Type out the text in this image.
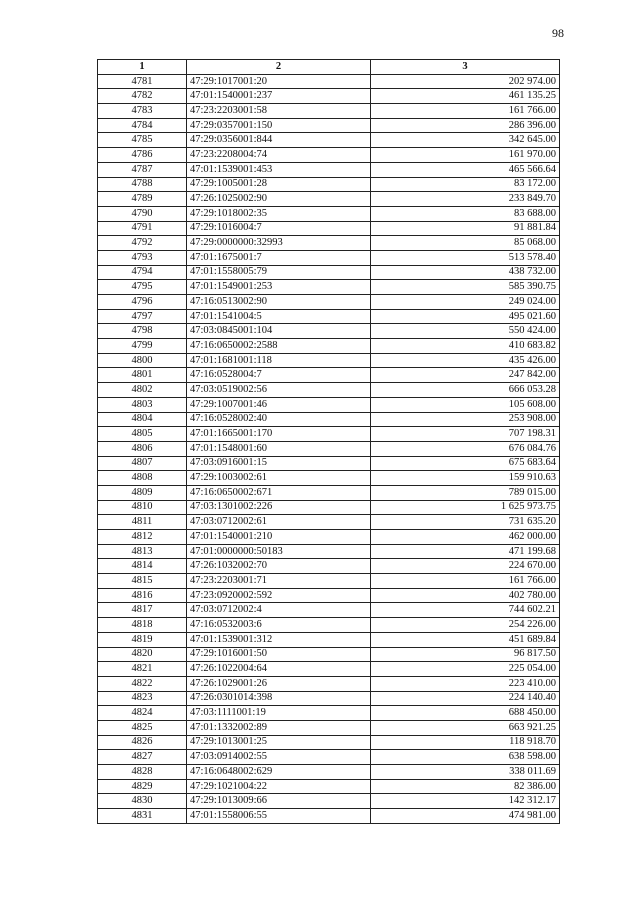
98
1	2	3
4781	47:29:1017001:20	202 974.00
4782	47:01:1540001:237	461 135.25
4783	47:23:2203001:58	161 766.00
4784	47:29:0357001:150	286 396.00
4785	47:29:0356001:844	342 645.00
4786	47:23:2208004:74	161 970.00
4787	47:01:1539001:453	465 566.64
4788	47:29:1005001:28	83 172.00
4789	47:26:1025002:90	233 849.70
4790	47:29:1018002:35	83 688.00
4791	47:29:1016004:7	91 881.84
4792	47:29:0000000:32993	85 068.00
4793	47:01:1675001:7	513 578.40
4794	47:01:1558005:79	438 732.00
4795	47:01:1549001:253	585 390.75
4796	47:16:0513002:90	249 024.00
4797	47:01:1541004:5	495 021.60
4798	47:03:0845001:104	550 424.00
4799	47:16:0650002:2588	410 683.82
4800	47:01:1681001:118	435 426.00
4801	47:16:0528004:7	247 842.00
4802	47:03:0519002:56	666 053.28
4803	47:29:1007001:46	105 608.00
4804	47:16:0528002:40	253 908.00
4805	47:01:1665001:170	707 198.31
4806	47:01:1548001:60	676 084.76
4807	47:03:0916001:15	675 683.64
4808	47:29:1003002:61	159 910.63
4809	47:16:0650002:671	789 015.00
4810	47:03:1301002:226	1 625 973.75
4811	47:03:0712002:61	731 635.20
4812	47:01:1540001:210	462 000.00
4813	47:01:0000000:50183	471 199.68
4814	47:26:1032002:70	224 670.00
4815	47:23:2203001:71	161 766.00
4816	47:23:0920002:592	402 780.00
4817	47:03:0712002:4	744 602.21
4818	47:16:0532003:6	254 226.00
4819	47:01:1539001:312	451 689.84
4820	47:29:1016001:50	96 817.50
4821	47:26:1022004:64	225 054.00
4822	47:26:1029001:26	223 410.00
4823	47:26:0301014:398	224 140.40
4824	47:03:1111001:19	688 450.00
4825	47:01:1332002:89	663 921.25
4826	47:29:1013001:25	118 918.70
4827	47:03:0914002:55	638 598.00
4828	47:16:0648002:629	338 011.69
4829	47:29:1021004:22	82 386.00
4830	47:29:1013009:66	142 312.17
4831	47:01:1558006:55	474 981.00
